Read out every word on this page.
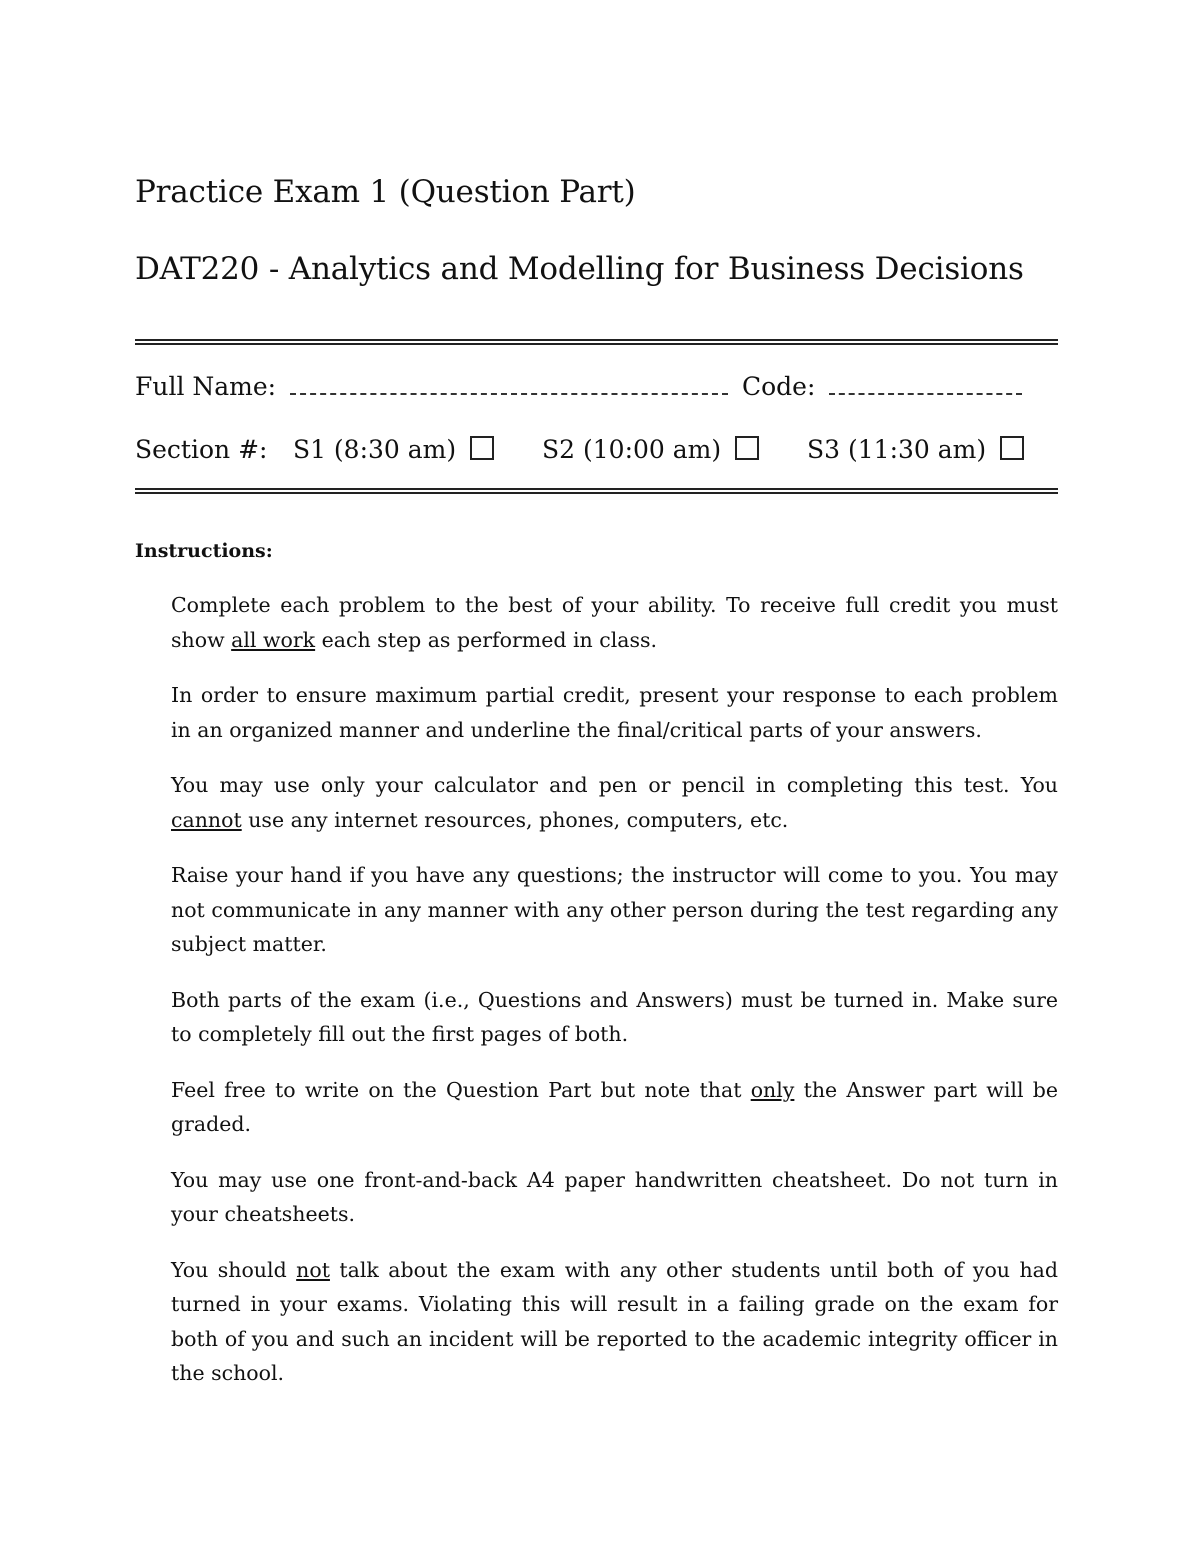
Practice Exam 1 (Question Part)
DAT220 - Analytics and Modelling for Business Decisions
Full Name:	Code:
Section #: S1 (8:30 am)	S2 (10:00 am)	S3 (11:30 am)
Instructions:

Complete each problem to the best of your ability. To receive full credit you must show all work each step as performed in class.

In order to ensure maximum partial credit, present your response to each problem in an organized manner and underline the final/critical parts of your answers.

You may use only your calculator and pen or pencil in completing this test. You cannot use any internet resources, phones, computers, etc.

Raise your hand if you have any questions; the instructor will come to you. You may not communicate in any manner with any other person during the test regarding any subject matter.

Both parts of the exam (i.e., Questions and Answers) must be turned in. Make sure to completely fill out the first pages of both.

Feel free to write on the Question Part but note that only the Answer part will be graded.

You may use one front-and-back A4 paper handwritten cheatsheet. Do not turn in your cheatsheets.

You should not talk about the exam with any other students until both of you had turned in your exams. Violating this will result in a failing grade on the exam for both of you and such an incident will be reported to the academic integrity officer in the school.
